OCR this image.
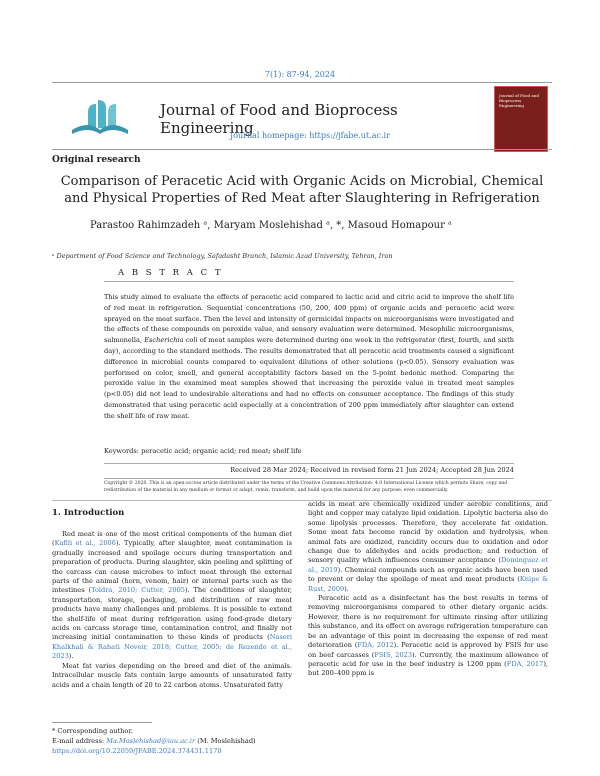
7(1): 87-94, 2024
Journal of Food and Bioprocess Engineering
Journal homepage: https://jfabe.ut.ac.ir
Journal of Food and Bioprocess Engineering
Original research
Comparison of Peracetic Acid with Organic Acids on Microbial, Chemical and Physical Properties of Red Meat after Slaughtering in Refrigeration
Parastoo Rahimzadeh ᵃ, Maryam Moslehishad ᵃ, *, Masoud Homapour ᵃ
ᵃ Department of Food Science and Technology, Safadasht Branch, Islamic Azad University, Tehran, Iran
A B S T R A C T
This study aimed to evaluate the effects of peracetic acid compared to lactic acid and citric acid to improve the shelf life of red meat in refrigeration. Sequential concentrations (50, 200, 400 ppm) of organic acids and peracetic acid were sprayed on the meat surface. Then the level and intensity of germicidal impacts on microorganisms were investigated and the effects of these compounds on peroxide value, and sensory evaluation were determined. Mesophilic microorganisms, salmonella, Escherichia coli of meat samples were determined during one week in the refrigerator (first, fourth, and sixth day), according to the standard methods. The results demonstrated that all peracetic acid treatments caused a significant difference in microbial counts compared to equivalent dilutions of other solutions (p<0.05). Sensory evaluation was performed on color, smell, and general acceptability factors based on the 5-point hedonic method. Comparing the peroxide value in the examined meat samples showed that increasing the peroxide value in treated meat samples (p<0.05) did not lead to undesirable alterations and had no effects on consumer acceptance. The findings of this study demonstrated that using peracetic acid especially at a concentration of 200 ppm immediately after slaughter can extend the shelf life of raw meat.
Keywords: peracetic acid; organic acid; red meat; shelf life
Received 28 Mar 2024; Received in revised form 21 Jun 2024; Accepted 28 Jun 2024
Copyright © 2020. This is an open-access article distributed under the terms of the Creative Commons Attribution- 4.0 International License which permits Share, copy and redistribution of the material in any medium or format or adapt, remix, transform, and build upon the material for any purpose, even commercially.
1. Introduction

Red meat is one of the most critical components of the human diet (Kafili et al., 2006). Typically, after slaughter, meat contamination is gradually increased and spoilage occurs during transportation and preparation of products. During slaughter, skin peeling and splitting of the carcass can cause microbes to infect meat through the external parts of the animal (horn, venom, hair) or internal parts such as the intestines (Toldra, 2010; Cutter, 2005). The conditions of slaughter, transportation, storage, packaging, and distribution of raw meat products have many challenges and problems. It is possible to extend the shelf-life of meat during refrigeration using food-grade dietary acids on carcass storage time, contamination control, and finally not increasing initial contamination to these kinds of products (Naseri Khalkhali & Rahati Noveir, 2018; Cutter, 2005; de Rezende et al., 2023).

Meat fat varies depending on the breed and diet of the animals. Intracellular muscle fats contain large amounts of unsaturated fatty acids and a chain length of 20 to 22 carbon atoms. Unsaturated fatty

acids in meat are chemically oxidized under aerobic conditions, and light and copper may catalyze lipid oxidation. Lipolytic bacteria also do some lipolysis processes. Therefore, they accelerate fat oxidation. Some meat fats become rancid by oxidation and hydrolysis, when animal fats are oxidized, rancidity occurs due to oxidation and odor change due to aldehydes and acids production; and reduction of sensory quality which influences consumer acceptance (Dominguez et al., 2019). Chemical compounds such as organic acids have been used to prevent or delay the spoilage of meat and meat products (Knipe & Rust, 2009).

Peracetic acid as a disinfectant has the best results in terms of removing microorganisms compared to other dietary organic acids. However, there is no requirement for ultimate rinsing after utilizing this substance, and its effect on average refrigeration temperature can be an advantage of this point in decreasing the expense of red meat deterioration (FDA, 2012). Peracetic acid is approved by FSIS for use on beef carcasses (FSIS, 2023). Currently, the maximum allowance of peracetic acid for use in the beef industry is 1200 ppm (FDA, 2017), but 200–400 ppm is

* Corresponding author.
E-mail address: Ma.Moslehishad@iau.ac.ir (M. Moslehishad)
https://doi.org/10.22059/JFABE.2024.374431.1170
